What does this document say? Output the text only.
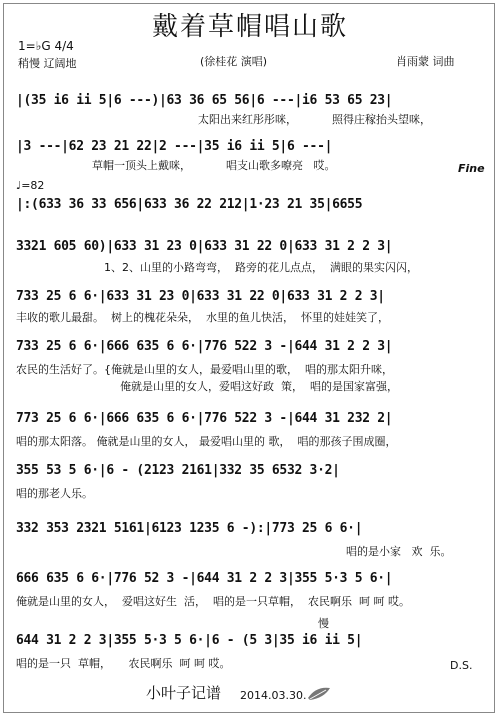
戴着草帽唱山歌
1=♭G 4/4
稍慢 辽阔地	(徐桂花 演唱)	肖雨蒙 词曲
|(35 i6 ii 5|6 ---)|63 36 65 56|6 ---|i6 53 65 23|
太阳出来红彤彤咪，          照得庄稼抬头望咪，
|3 ---|62 23 21 22|2 ---|35 i6 ii 5|6 ---|
草帽一顶头上戴咪，          唱支山歌多嘹亮   哎。	Fine
♩=82
|:(633 36 33 656|633 36 22 212|1·23 21 35|6655
3321 605 60)|633 31 23 0|633 31 22 0|633 31 2 2 3|
1、2、山里的小路弯弯，  路旁的花儿点点，  满眼的果实闪闪，
733 25 6 6·|633 31 23 0|633 31 22 0|633 31 2 2 3|
丰收的歌儿最甜。  树上的槐花朵朵，  水里的鱼儿快活，  怀里的娃娃笑了，
733 25 6 6·|666 635 6 6·|776 522 3 -|644 31 2 2 3|
农民的生活好了。{俺就是山里的女人，最爱唱山里的歌，  唱的那太阳升咪，
俺就是山里的女人，爱唱这好政  策，  唱的是国家富强，
773 25 6 6·|666 635 6 6·|776 522 3 -|644 31 232 2|
唱的那太阳落。 俺就是山里的女人， 最爱唱山里的 歌，  唱的那孩子围成圈，
355 53 5 6·|6 - (2123 2161|332 35 6532 3·2|
唱的那老人乐。
332 353 2321 5161|6123 1235 6 -):|773 25 6 6·|
唱的是小家   欢  乐。
666 635 6 6·|776 52 3 -|644 31 2 2 3|355 5·3 5 6·|
俺就是山里的女人，  爱唱这好生  活，  唱的是一只草帽，  农民啊乐  呵 呵 哎。
慢
644 31 2 2 3|355 5·3 5 6·|6 - (5 3|35 i6 ii 5|
唱的是一只  草帽，     农民啊乐  呵 呵 哎。	D.S.
小叶子记谱 2014.03.30.
